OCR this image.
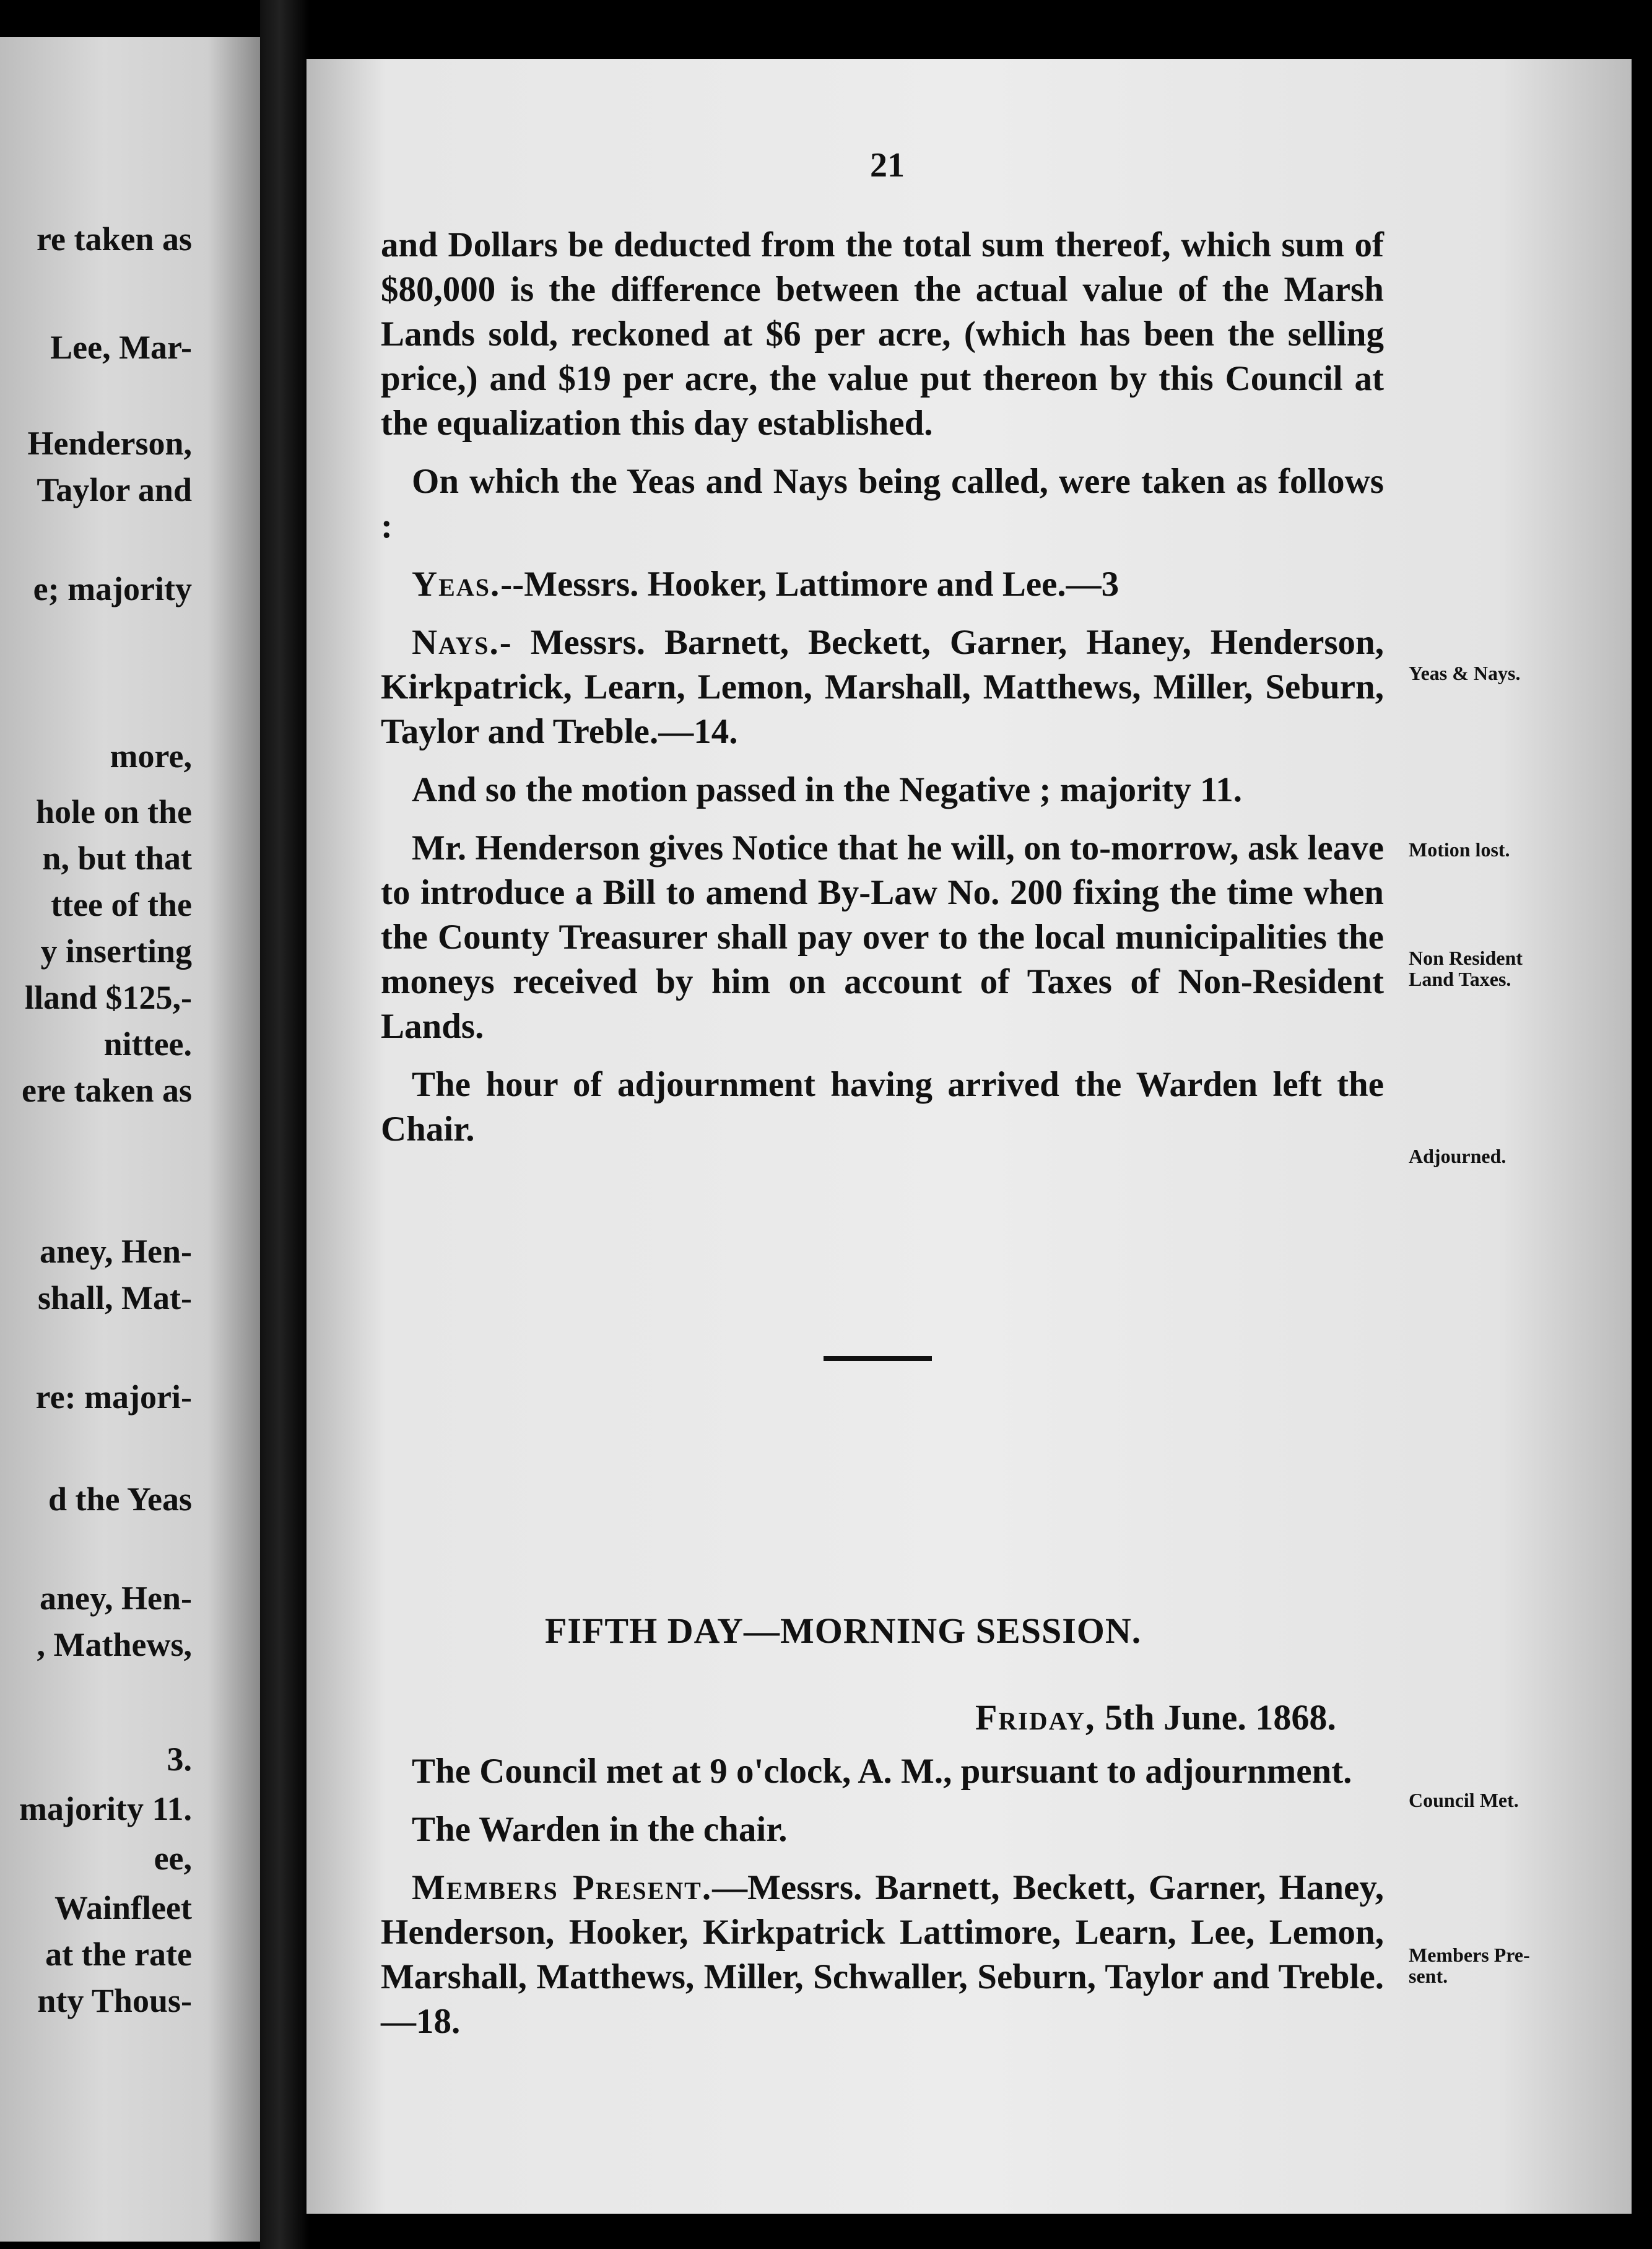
re taken as
Lee, Mar-
Henderson,
Taylor and
e; majority
more,
hole on the
n, but that
ttee of the
y inserting
lland $125,-
nittee.
ere taken as
aney, Hen-
shall, Mat-
re: majori-
d the Yeas
aney, Hen-
, Mathews,
3.
majority 11.
ee,
Wainfleet
at the rate
nty Thous-
21

and Dollars be deducted from the total sum thereof, which sum of $80,000 is the difference between the actual value of the Marsh Lands sold, reckoned at $6 per acre, (which has been the selling price,) and $19 per acre, the value put thereon by this Council at the equalization this day established.

On which the Yeas and Nays being called, were taken as follows :

Yeas.--Messrs. Hooker, Lattimore and Lee.—3

Nays.- Messrs. Barnett, Beckett, Garner, Haney, Henderson, Kirkpatrick, Learn, Lemon, Marshall, Matthews, Miller, Seburn, Taylor and Treble.—14.

And so the motion passed in the Negative ; majority 11.

Mr. Henderson gives Notice that he will, on to-morrow, ask leave to introduce a Bill to amend By-Law No. 200 fixing the time when the County Treasurer shall pay over to the local municipalities the moneys received by him on account of Taxes of Non-Resident Lands.

The hour of adjournment having arrived the Warden left the Chair.

Yeas & Nays.
Motion lost.
Non Resident
Land Taxes.
Adjourned.
FIFTH DAY—MORNING SESSION.
Friday, 5th June. 1868.

The Council met at 9 o'clock, A. M., pursuant to adjournment.

The Warden in the chair.

Members Present.—Messrs. Barnett, Beckett, Garner, Haney, Henderson, Hooker, Kirkpatrick Lattimore, Learn, Lee, Lemon, Marshall, Matthews, Miller, Schwaller, Seburn, Taylor and Treble.—18.

Council Met.
Members Pre-
sent.
